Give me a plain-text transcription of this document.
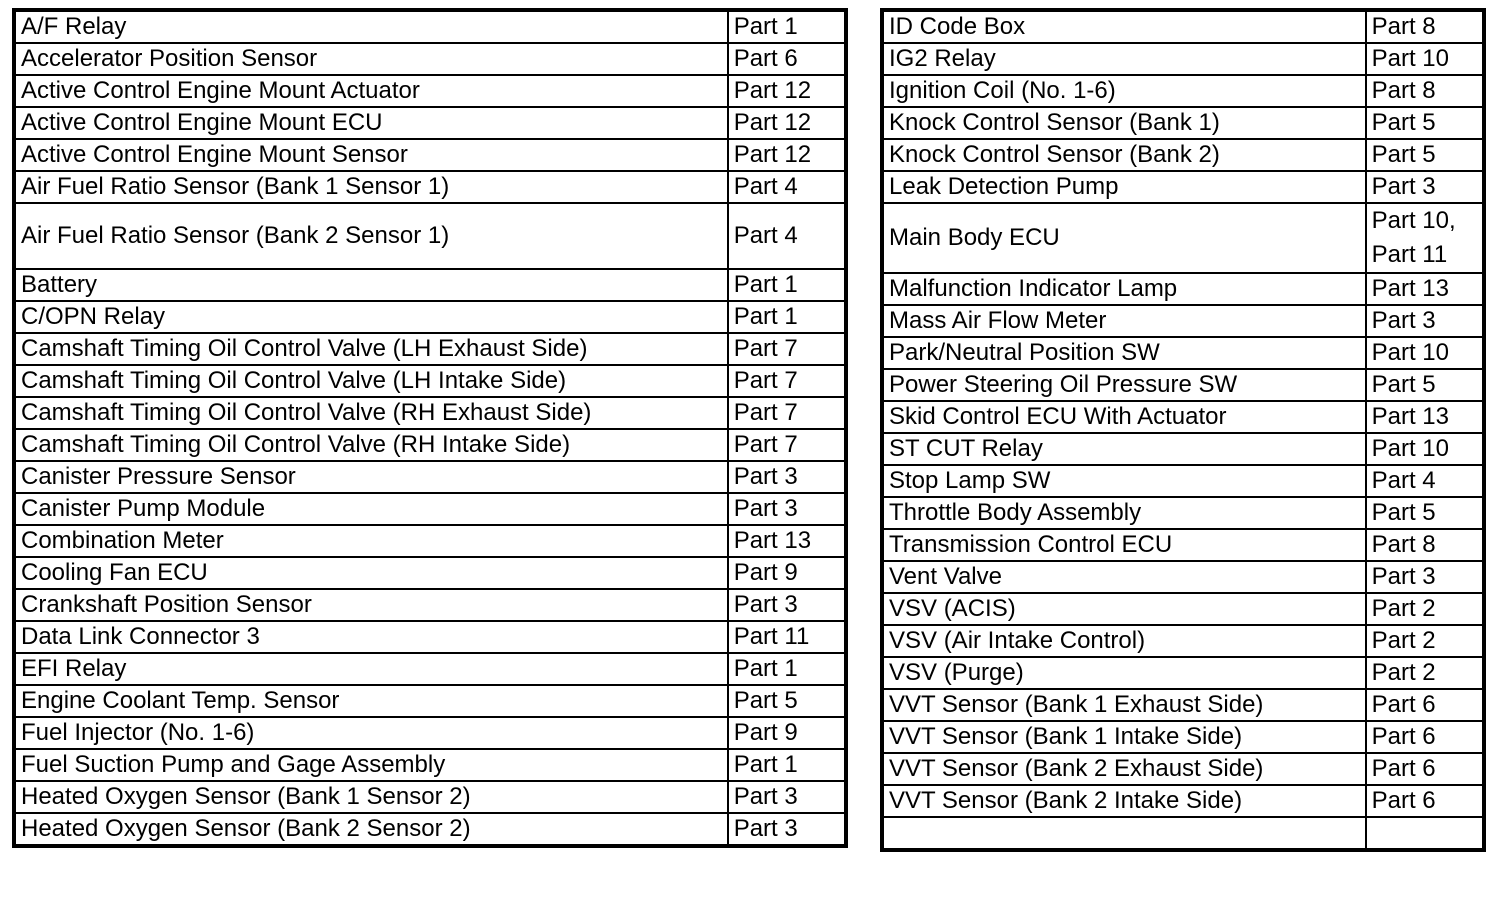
A/F Relay	Part 1
Accelerator Position Sensor	Part 6
Active Control Engine Mount Actuator	Part 12
Active Control Engine Mount ECU	Part 12
Active Control Engine Mount Sensor	Part 12
Air Fuel Ratio Sensor (Bank 1 Sensor 1)	Part 4
Air Fuel Ratio Sensor (Bank 2 Sensor 1)	Part 4
Battery	Part 1
C/OPN Relay	Part 1
Camshaft Timing Oil Control Valve (LH Exhaust Side)	Part 7
Camshaft Timing Oil Control Valve (LH Intake Side)	Part 7
Camshaft Timing Oil Control Valve (RH Exhaust Side)	Part 7
Camshaft Timing Oil Control Valve (RH Intake Side)	Part 7
Canister Pressure Sensor	Part 3
Canister Pump Module	Part 3
Combination Meter	Part 13
Cooling Fan ECU	Part 9
Crankshaft Position Sensor	Part 3
Data Link Connector 3	Part 11
EFI Relay	Part 1
Engine Coolant Temp. Sensor	Part 5
Fuel Injector (No. 1-6)	Part 9
Fuel Suction Pump and Gage Assembly	Part 1
Heated Oxygen Sensor (Bank 1 Sensor 2)	Part 3
Heated Oxygen Sensor (Bank 2 Sensor 2)	Part 3
ID Code Box	Part 8
IG2 Relay	Part 10
Ignition Coil (No. 1-6)	Part 8
Knock Control Sensor (Bank 1)	Part 5
Knock Control Sensor (Bank 2)	Part 5
Leak Detection Pump	Part 3
Main Body ECU	Part 10,
Part 11
Malfunction Indicator Lamp	Part 13
Mass Air Flow Meter	Part 3
Park/Neutral Position SW	Part 10
Power Steering Oil Pressure SW	Part 5
Skid Control ECU With Actuator	Part 13
ST CUT Relay	Part 10
Stop Lamp SW	Part 4
Throttle Body Assembly	Part 5
Transmission Control ECU	Part 8
Vent Valve	Part 3
VSV (ACIS)	Part 2
VSV (Air Intake Control)	Part 2
VSV (Purge)	Part 2
VVT Sensor (Bank 1 Exhaust Side)	Part 6
VVT Sensor (Bank 1 Intake Side)	Part 6
VVT Sensor (Bank 2 Exhaust Side)	Part 6
VVT Sensor (Bank 2 Intake Side)	Part 6
